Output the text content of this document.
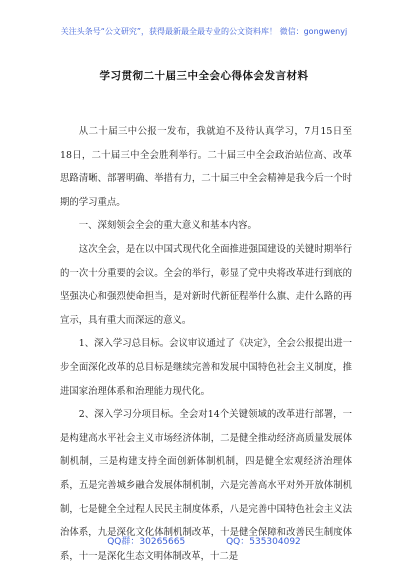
关注头条号“公文研究”，获得最新最全最专业的公文资料库！ 微信：gongwenyj
学习贯彻二十届三中全会心得体会发言材料

从二十届三中公报一发布，我就迫不及待认真学习，7月15日至18日，二十届三中全会胜利举行。二十届三中全会政治站位高、改革思路清晰、部署明确、举措有力，二十届三中全会精神是我今后一个时期的学习重点。

一、深刻领会全会的重大意义和基本内容。

这次全会，是在以中国式现代化全面推进强国建设的关键时期举行的一次十分重要的会议。全会的举行，彰显了党中央将改革进行到底的坚强决心和强烈使命担当，是对新时代新征程举什么旗、走什么路的再宣示，具有重大而深远的意义。

1、深入学习总目标。会议审议通过了《决定》，全会公报提出进一步全面深化改革的总目标是继续完善和发展中国特色社会主义制度，推进国家治理体系和治理能力现代化。

2、深入学习分项目标。全会对14个关键领域的改革进行部署，一是构建高水平社会主义市场经济体制，二是健全推动经济高质量发展体制机制，三是构建支持全面创新体制机制，四是健全宏观经济治理体系，五是完善城乡融合发展体制机制，六是完善高水平对外开放体制机制，七是健全全过程人民民主制度体系，八是完善中国特色社会主义法治体系，九是深化文化体制机制改革，十是健全保障和改善民生制度体系，十一是深化生态文明体制改革，十二是

QQ群：30265665	QQ：535304092
